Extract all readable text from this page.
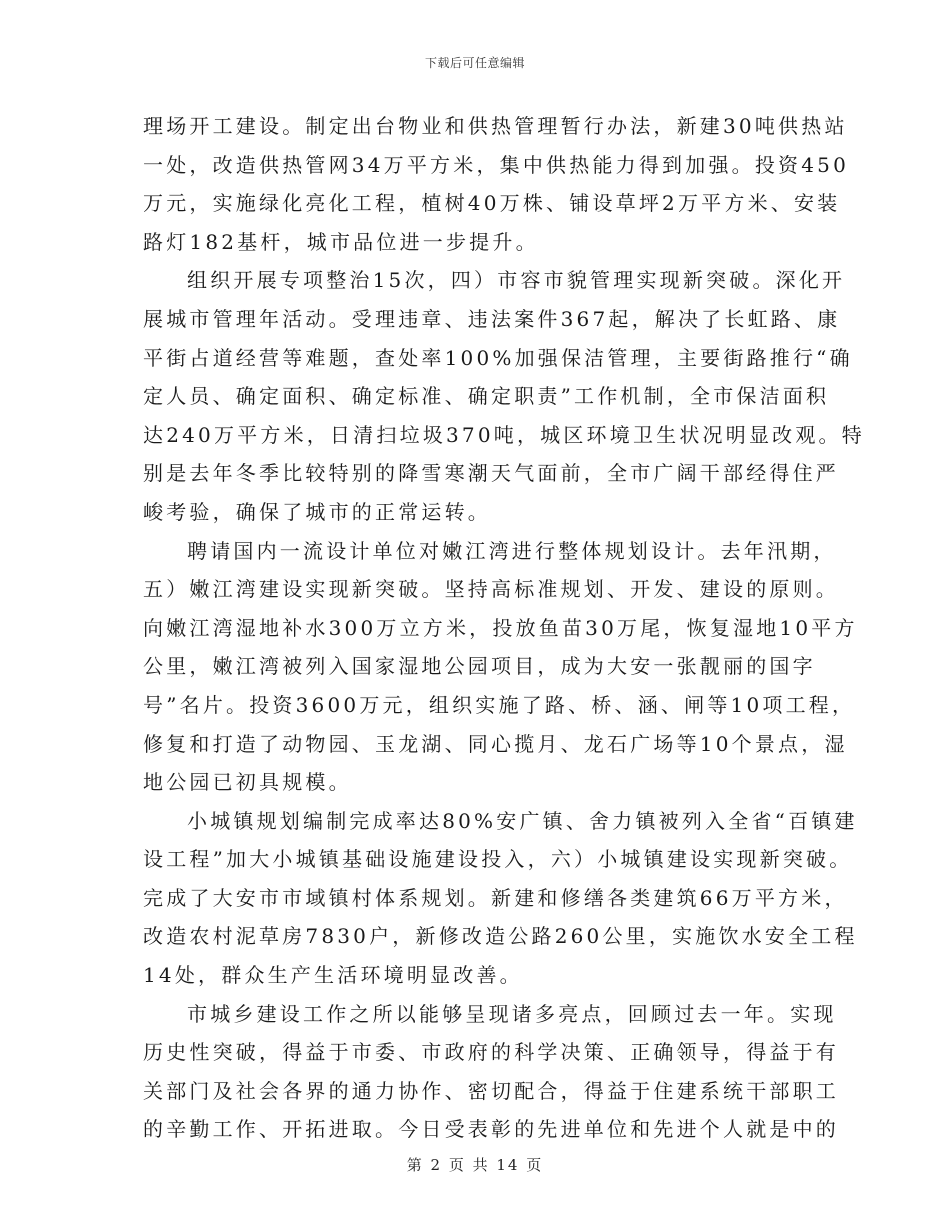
下载后可任意编辑
理场开工建设。制定出台物业和供热管理暂行办法，新建30吨供热站
一处，改造供热管网34万平方米，集中供热能力得到加强。投资450
万元，实施绿化亮化工程，植树40万株、铺设草坪2万平方米、安装
路灯182基杆，城市品位进一步提升。
组织开展专项整治15次，四）市容市貌管理实现新突破。深化开
展城市管理年活动。受理违章、违法案件367起，解决了长虹路、康
平街占道经营等难题，查处率100%加强保洁管理，主要街路推行“确
定人员、确定面积、确定标准、确定职责”工作机制，全市保洁面积
达240万平方米，日清扫垃圾370吨，城区环境卫生状况明显改观。特
别是去年冬季比较特别的降雪寒潮天气面前，全市广阔干部经得住严
峻考验，确保了城市的正常运转。
聘请国内一流设计单位对嫩江湾进行整体规划设计。去年汛期，
五）嫩江湾建设实现新突破。坚持高标准规划、开发、建设的原则。
向嫩江湾湿地补水300万立方米，投放鱼苗30万尾，恢复湿地10平方
公里，嫩江湾被列入国家湿地公园项目，成为大安一张靓丽的国字
号”名片。投资3600万元，组织实施了路、桥、涵、闸等10项工程，
修复和打造了动物园、玉龙湖、同心揽月、龙石广场等10个景点，湿
地公园已初具规模。
小城镇规划编制完成率达80%安广镇、舍力镇被列入全省“百镇建
设工程”加大小城镇基础设施建设投入，六）小城镇建设实现新突破。
完成了大安市市域镇村体系规划。新建和修缮各类建筑66万平方米，
改造农村泥草房7830户，新修改造公路260公里，实施饮水安全工程
14处，群众生产生活环境明显改善。
市城乡建设工作之所以能够呈现诸多亮点，回顾过去一年。实现
历史性突破，得益于市委、市政府的科学决策、正确领导，得益于有
关部门及社会各界的通力协作、密切配合，得益于住建系统干部职工
的辛勤工作、开拓进取。今日受表彰的先进单位和先进个人就是中的
第 2 页 共 14 页
